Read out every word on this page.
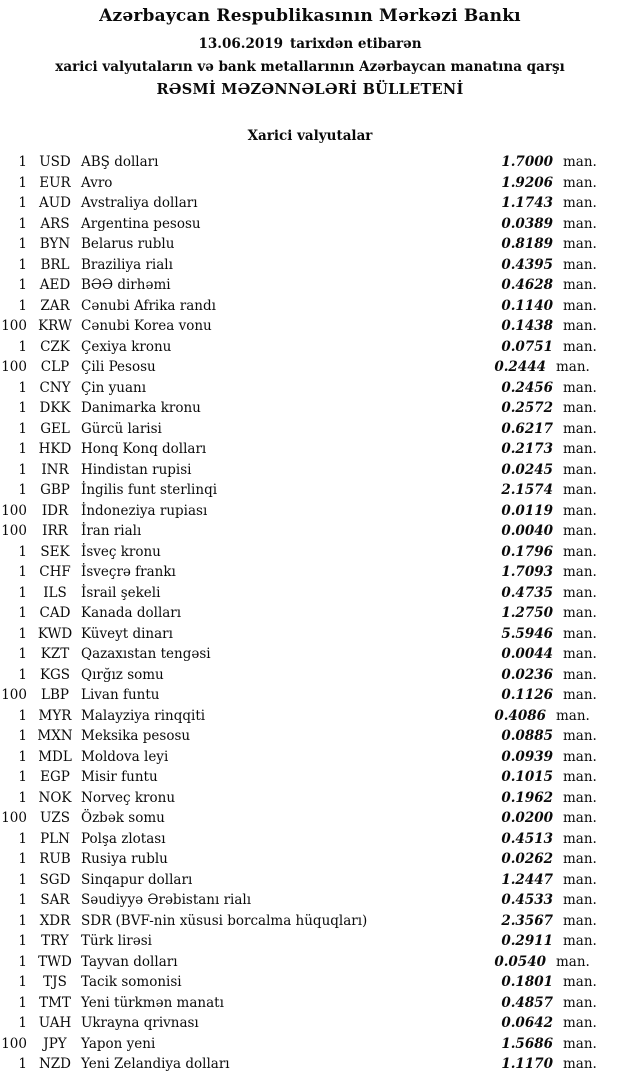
Azərbaycan Respublikasının Mərkəzi Bankı
13.06.2019 tarixdən etibarən
xarici valyutaların və bank metallarının Azərbaycan manatına qarşı
RƏSMİ MƏZƏNNƏLƏRİ BÜLLETENİ
Xarici valyutalar
1 USD ABŞ dolları	1.7000 man.
1 EUR Avro	1.9206 man.
1 AUD Avstraliya dolları	1.1743 man.
1 ARS Argentina pesosu	0.0389 man.
1 BYN Belarus rublu	0.8189 man.
1 BRL Braziliya rialı	0.4395 man.
1 AED BƏƏ dirhəmi	0.4628 man.
1 ZAR Cənubi Afrika randı	0.1140 man.
100 KRW Cənubi Korea vonu	0.1438 man.
1 CZK Çexiya kronu	0.0751 man.
100	CLP Çili Pesosu	0.2444 man.
1 CNY Çin yuanı	0.2456 man.
1 DKK Danimarka kronu	0.2572 man.
1 GEL Gürcü larisi	0.6217 man.
1 HKD Honq Konq dolları	0.2173 man.
1	INR Hindistan rupisi	0.0245 man.
1 GBP İngilis funt sterlinqi	2.1574 man.
100	IDR İndoneziya rupiası	0.0119 man.
100	IRR İran rialı	0.0040 man.
1 SEK İsveç kronu	0.1796 man.
1 CHF İsveçrə frankı	1.7093 man.
1	ILS	İsrail şekeli	0.4735 man.
1 CAD Kanada dolları	1.2750 man.
1 KWD Küveyt dinarı	5.5946 man.
1	KZT Qazaxıstan tengəsi	0.0044 man.
1 KGS Qırğız somu	0.0236 man.
100	LBP Livan funtu	0.1126 man.
1 MYR Malayziya rinqqiti	0.4086 man.
1 MXN Meksika pesosu	0.0885 man.
1 MDL Moldova leyi	0.0939 man.
1 EGP Misir funtu	0.1015 man.
1 NOK Norveç kronu	0.1962 man.
100 UZS Özbək somu	0.0200 man.
1 PLN Polşa zlotası	0.4513 man.
1 RUB Rusiya rublu	0.0262 man.
1 SGD Sinqapur dolları	1.2447 man.
1 SAR Səudiyyə Ərəbistanı rialı	0.4533 man.
1 XDR SDR (BVF-nin xüsusi borcalma hüquqları)	2.3567 man.
1	TRY Türk lirəsi	0.2911 man.
1 TWD Tayvan dolları	0.0540 man.
1	TJS	Tacik somonisi	0.1801 man.
1 TMT Yeni türkmən manatı	0.4857 man.
1 UAH Ukrayna qrivnası	0.0642 man.
100	JPY	Yapon yeni	1.5686 man.
1 NZD Yeni Zelandiya dolları	1.1170 man.
